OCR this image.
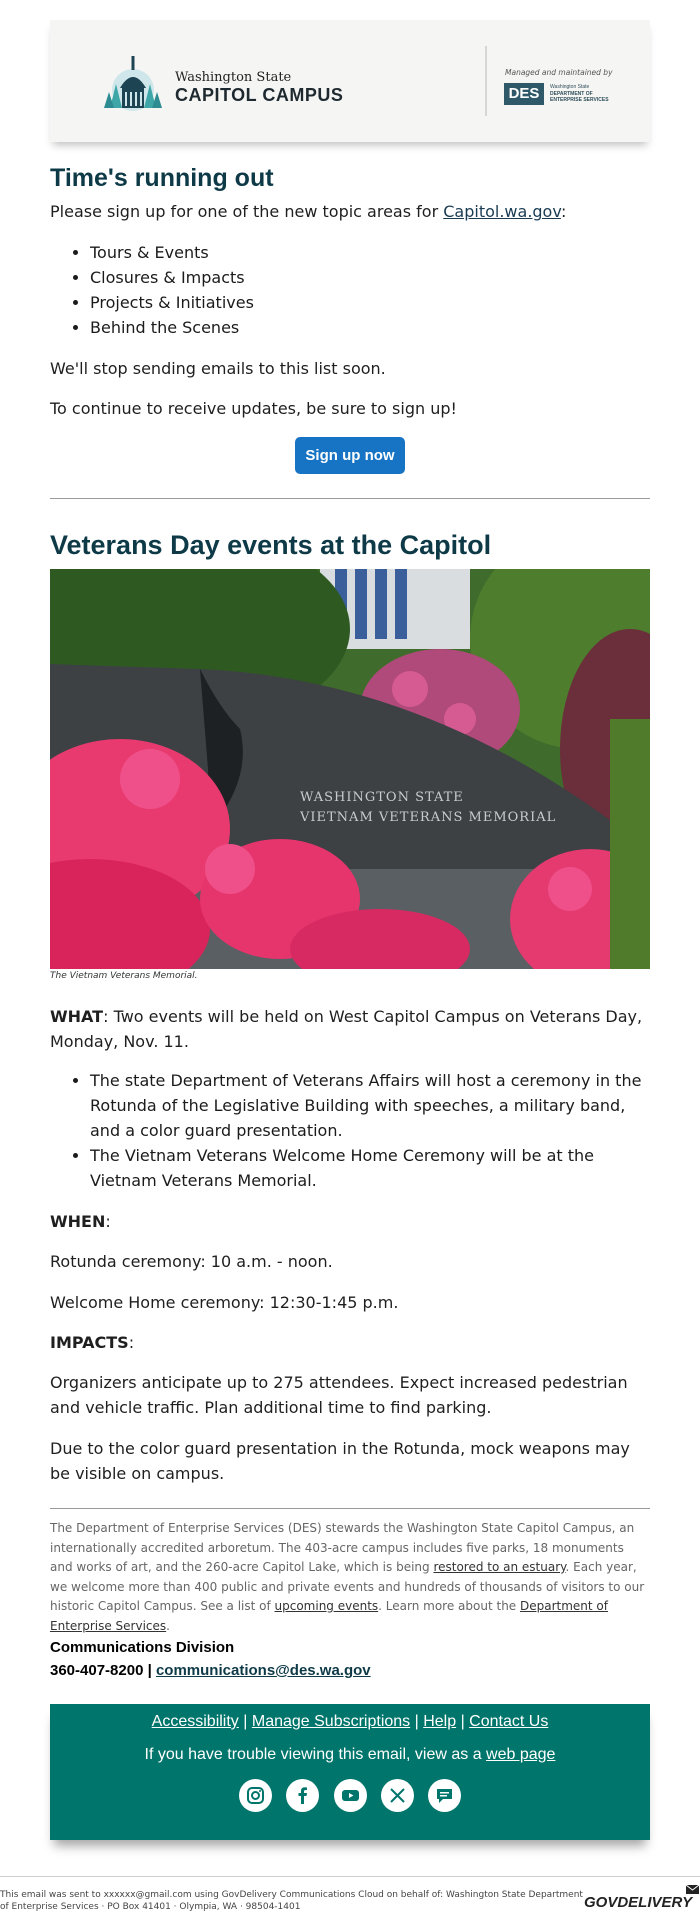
Washington State
CAPITOL CAMPUS
Managed and maintained by
DES	Washington State
DEPARTMENT OF ENTERPRISE SERVICES
Time's running out

Please sign up for one of the new topic areas for Capitol.wa.gov:

• Tours & Events
• Closures & Impacts
• Projects & Initiatives
• Behind the Scenes

We'll stop sending emails to this list soon.

To continue to receive updates, be sure to sign up!

Sign up now
Veterans Day events at the Capitol
WASHINGTON STATE
VIETNAM VETERANS MEMORIAL
The Vietnam Veterans Memorial.

WHAT: Two events will be held on West Capitol Campus on Veterans Day, Monday, Nov. 11.

• The state Department of Veterans Affairs will host a ceremony in the Rotunda of the Legislative Building with speeches, a military band, and a color guard presentation.
• The Vietnam Veterans Welcome Home Ceremony will be at the Vietnam Veterans Memorial.

WHEN:

Rotunda ceremony: 10 a.m. - noon.

Welcome Home ceremony: 12:30-1:45 p.m.

IMPACTS:

Organizers anticipate up to 275 attendees. Expect increased pedestrian and vehicle traffic. Plan additional time to find parking.

Due to the color guard presentation in the Rotunda, mock weapons may be visible on campus.

The Department of Enterprise Services (DES) stewards the Washington State Capitol Campus, an internationally accredited arboretum. The 403-acre campus includes five parks, 18 monuments and works of art, and the 260-acre Capitol Lake, which is being restored to an estuary. Each year, we welcome more than 400 public and private events and hundreds of thousands of visitors to our historic Capitol Campus. See a list of upcoming events. Learn more about the Department of Enterprise Services.

Communications Division
360-407-8200 | communications@des.wa.gov
Accessibility | Manage Subscriptions | Help | Contact Us
If you have trouble viewing this email, view as a web page

This email was sent to xxxxxx@gmail.com using GovDelivery Communications Cloud on behalf of: Washington State Department of Enterprise Services · PO Box 41401 · Olympia, WA · 98504-1401	GOVDELIVERY
